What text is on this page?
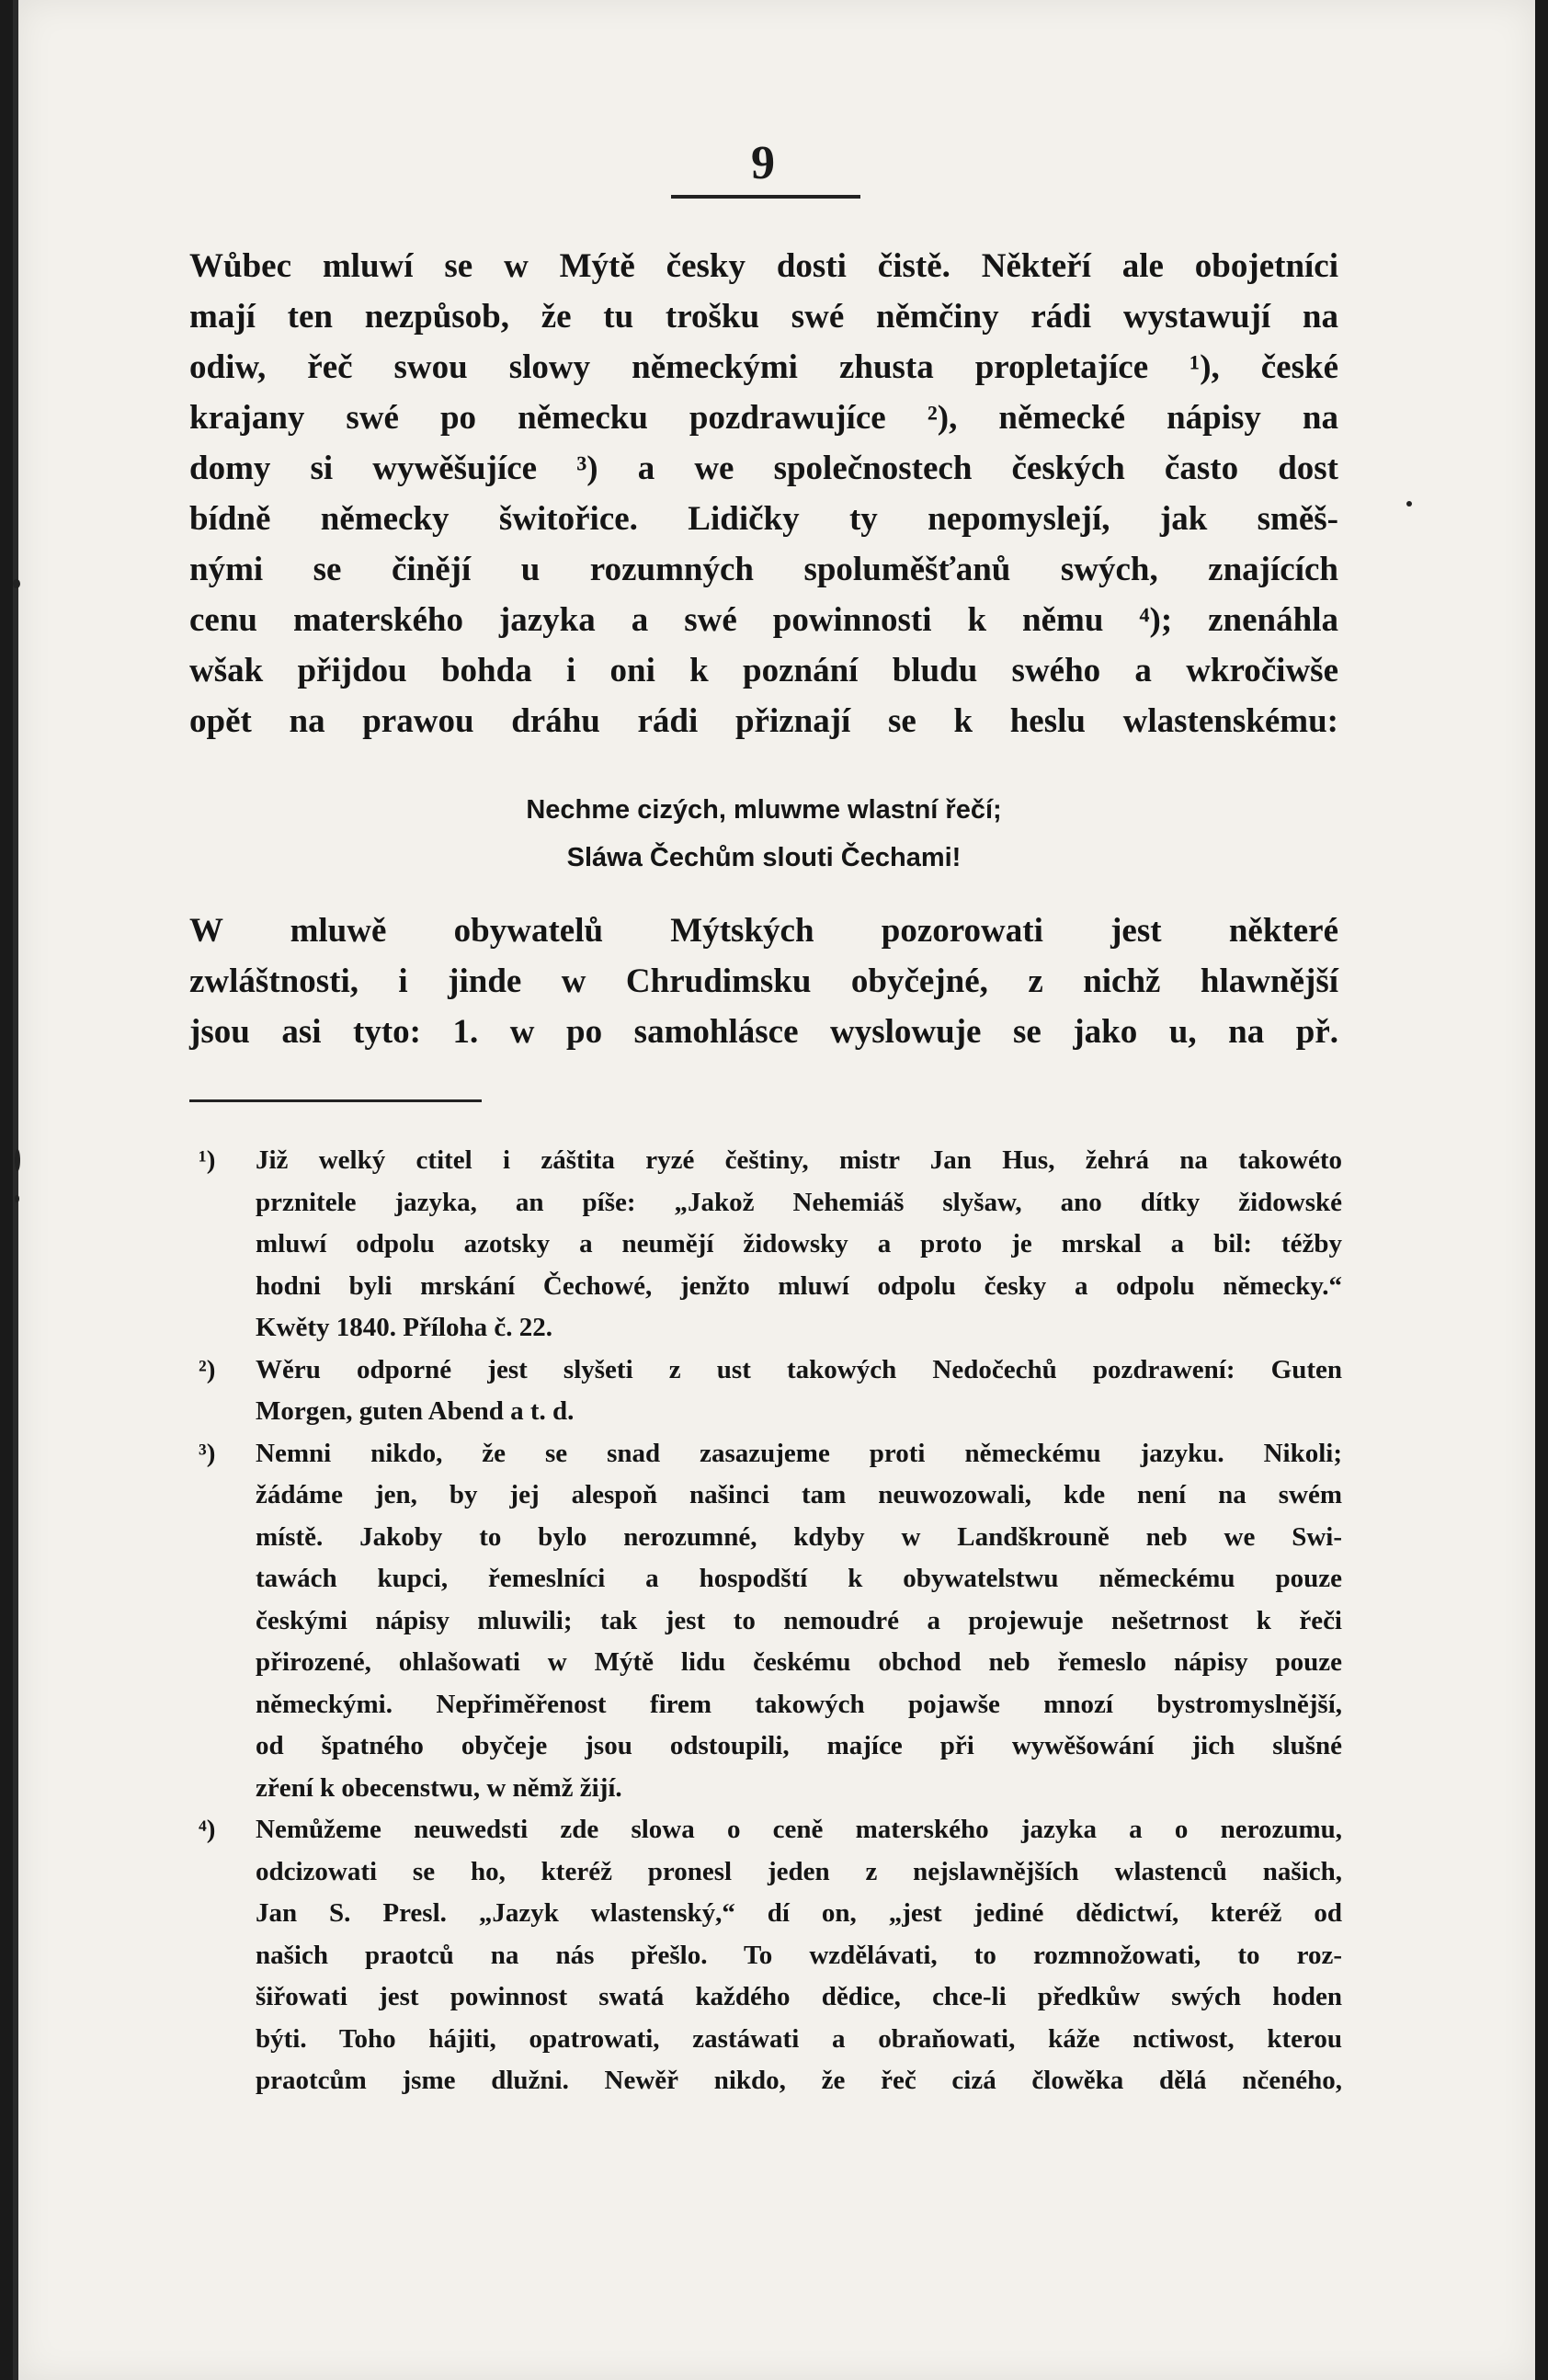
9
Wůbec mluwí se w Mýtě česky dosti čistě. Někteří ale obojetníci
mají ten nezpůsob, že tu trošku swé němčiny rádi wystawují na
odiw, řeč swou slowy německými zhusta propletajíce ¹), české
krajany swé po německu pozdrawujíce ²), německé nápisy na
domy si wywěšujíce ³) a we společnostech českých často dost
bídně německy šwitořice. Lidičky ty nepomyslejí, jak směš-
nými se činějí u rozumných spoluměšťanů swých, znajících
cenu materského jazyka a swé powinnosti k němu ⁴); znenáhla
wšak přijdou bohda i oni k poznání bludu swého a wkročiwše
opět na prawou dráhu rádi přiznají se k heslu wlastenskému:
Nechme cizých, mluwme wlastní řečí;
Sláwa Čechům slouti Čechami!
W mluwě obywatelů Mýtských pozorowati jest některé
zwláštnosti, i jinde w Chrudimsku obyčejné, z nichž hlawnější
jsou asi tyto: 1. w po samohlásce wyslowuje se jako u, na př.
¹) Již welký ctitel i záštita ryzé češtiny, mistr Jan Hus, žehrá na takowéto
prznitele jazyka, an píše: „Jakož Nehemiáš slyšaw, ano dítky židowské
mluwí odpolu azotsky a neumějí židowsky a proto je mrskal a bil: téžby
hodni byli mrskání Čechowé, jenžto mluwí odpolu česky a odpolu německy.“
Kwěty 1840. Příloha č. 22.
²) Wěru odporné jest slyšeti z ust takowých Nedočechů pozdrawení: Guten
Morgen, guten Abend a t. d.
³) Nemni nikdo, že se snad zasazujeme proti německému jazyku. Nikoli;
žádáme jen, by jej alespoň našinci tam neuwozowali, kde není na swém
místě. Jakoby to bylo nerozumné, kdyby w Landškrouně neb we Swi-
tawách kupci, řemeslníci a hospodští k obywatelstwu německému pouze
českými nápisy mluwili; tak jest to nemoudré a projewuje nešetrnost k řeči
přirozené, ohlašowati w Mýtě lidu českému obchod neb řemeslo nápisy pouze
německými. Nepřiměřenost firem takowých pojawše mnozí bystromyslnější,
od špatného obyčeje jsou odstoupili, majíce při wywěšowání jich slušné
zření k obecenstwu, w němž žijí.
⁴) Nemůžeme neuwedsti zde slowa o ceně materského jazyka a o nerozumu,
odcizowati se ho, kteréž pronesl jeden z nejslawnějších wlastenců našich,
Jan S. Presl. „Jazyk wlastenský,“ dí on, „jest jediné dědictwí, kteréž od
našich praotců na nás přešlo. To wzdělávati, to rozmnožowati, to roz-
šiřowati jest powinnost swatá každého dědice, chce-li předkůw swých hoden
býti. Toho hájiti, opatrowati, zastáwati a obraňowati, káže nctiwost, kterou
praotcům jsme dlužni. Newěř nikdo, že řeč cizá člowěka dělá nčeného,
